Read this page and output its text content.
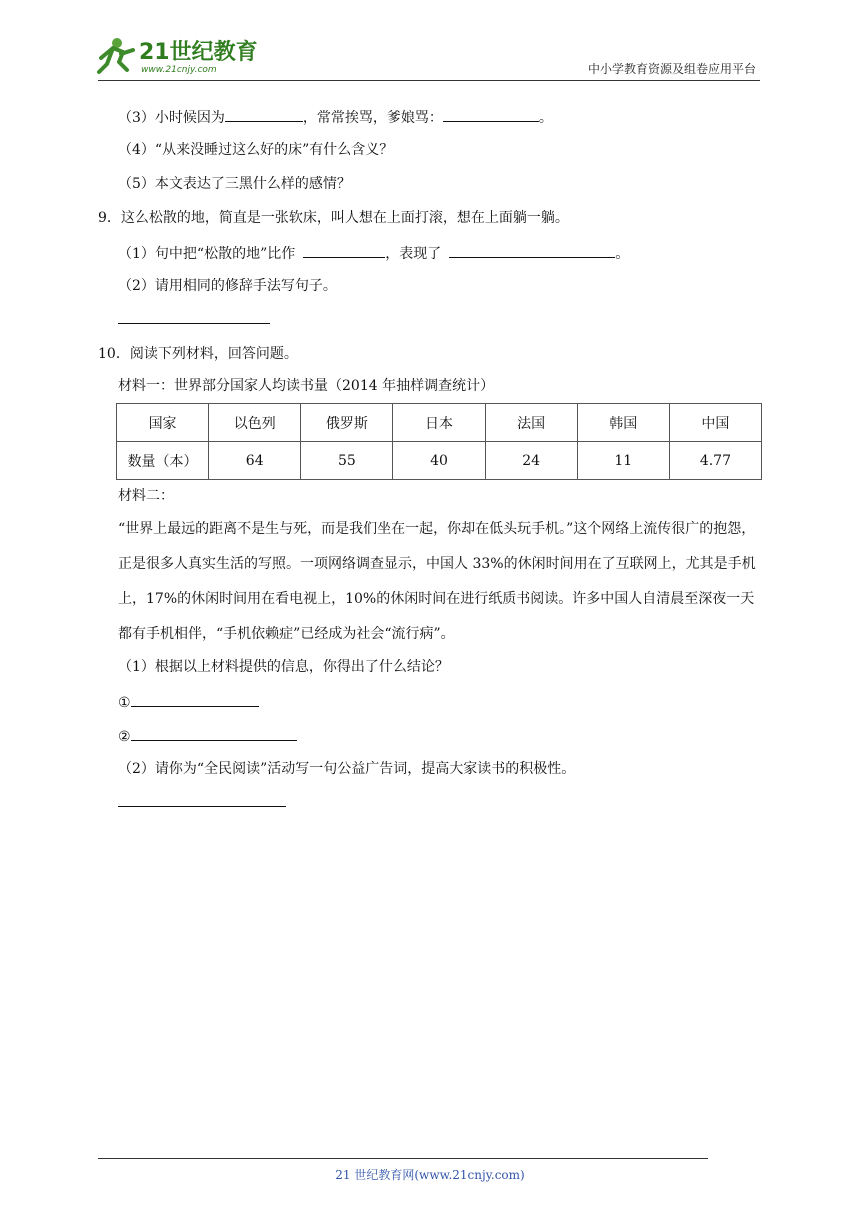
21世纪教育
www.21cnjy.com	中小学教育资源及组卷应用平台
（3）小时候因为	，常常挨骂，爹娘骂：	。
（4）“从来没睡过这么好的床”有什么含义？
（5）本文表达了三黑什么样的感情？
9．这么松散的地，简直是一张软床，叫人想在上面打滚，想在上面躺一躺。
（1）句中把“松散的地”比作	，表现了	。
（2）请用相同的修辞手法写句子。
10．阅读下列材料，回答问题。
材料一：世界部分国家人均读书量（2014 年抽样调查统计）
国家	以色列	俄罗斯	日本	法国	韩国	中国
数量（本）	64	55	40	24	11	4.77
材料二：
“世界上最远的距离不是生与死，而是我们坐在一起，你却在低头玩手机。”这个网络上流传很广的抱怨，正是很多人真实生活的写照。一项网络调查显示，中国人 33%的休闲时间用在了互联网上，尤其是手机上，17%的休闲时间用在看电视上，10%的休闲时间在进行纸质书阅读。许多中国人自清晨至深夜一天都有手机相伴，“手机依赖症”已经成为社会“流行病”。
（1）根据以上材料提供的信息，你得出了什么结论？
①
②
（2）请你为“全民阅读”活动写一句公益广告词，提高大家读书的积极性。
21 世纪教育网(www.21cnjy.com)
